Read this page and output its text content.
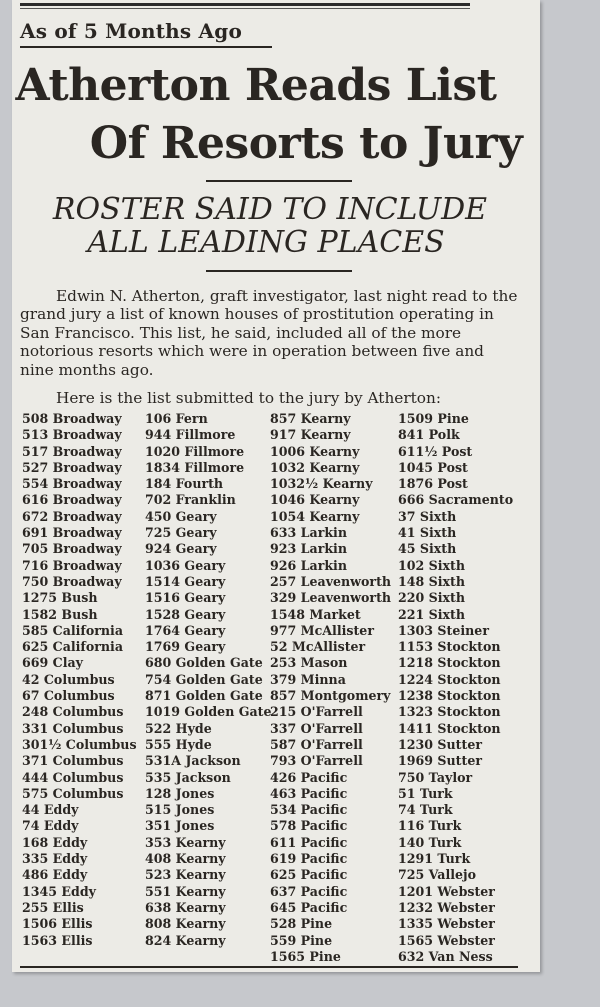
As of 5 Months Ago
Atherton Reads List
Of Resorts to Jury
ROSTER SAID TO INCLUDE
ALL LEADING PLACES

Edwin N. Atherton, graft investigator, last night read to the grand jury a list of known houses of prostitution operating in San Francisco. This list, he said, included all of the more notorious resorts which were in operation between five and nine months ago.

Here is the list submitted to the jury by Atherton:

508 Broadway
513 Broadway
517 Broadway
527 Broadway
554 Broadway
616 Broadway
672 Broadway
691 Broadway
705 Broadway
716 Broadway
750 Broadway
1275 Bush
1582 Bush
585 California
625 California
669 Clay
42 Columbus
67 Columbus
248 Columbus
331 Columbus
301½ Columbus
371 Columbus
444 Columbus
575 Columbus
44 Eddy
74 Eddy
168 Eddy
335 Eddy
486 Eddy
1345 Eddy
255 Ellis
1506 Ellis
1563 Ellis
106 Fern
944 Fillmore
1020 Fillmore
1834 Fillmore
184 Fourth
702 Franklin
450 Geary
725 Geary
924 Geary
1036 Geary
1514 Geary
1516 Geary
1528 Geary
1764 Geary
1769 Geary
680 Golden Gate
754 Golden Gate
871 Golden Gate
1019 Golden Gate
522 Hyde
555 Hyde
531A Jackson
535 Jackson
128 Jones
515 Jones
351 Jones
353 Kearny
408 Kearny
523 Kearny
551 Kearny
638 Kearny
808 Kearny
824 Kearny
857 Kearny
917 Kearny
1006 Kearny
1032 Kearny
1032½ Kearny
1046 Kearny
1054 Kearny
633 Larkin
923 Larkin
926 Larkin
257 Leavenworth
329 Leavenworth
1548 Market
977 McAllister
52 McAllister
253 Mason
379 Minna
857 Montgomery
215 O'Farrell
337 O'Farrell
587 O'Farrell
793 O'Farrell
426 Pacific
463 Pacific
534 Pacific
578 Pacific
611 Pacific
619 Pacific
625 Pacific
637 Pacific
645 Pacific
528 Pine
559 Pine
1565 Pine
1509 Pine
841 Polk
611½ Post
1045 Post
1876 Post
666 Sacramento
37 Sixth
41 Sixth
45 Sixth
102 Sixth
148 Sixth
220 Sixth
221 Sixth
1303 Steiner
1153 Stockton
1218 Stockton
1224 Stockton
1238 Stockton
1323 Stockton
1411 Stockton
1230 Sutter
1969 Sutter
750 Taylor
51 Turk
74 Turk
116 Turk
140 Turk
1291 Turk
725 Vallejo
1201 Webster
1232 Webster
1335 Webster
1565 Webster
632 Van Ness
